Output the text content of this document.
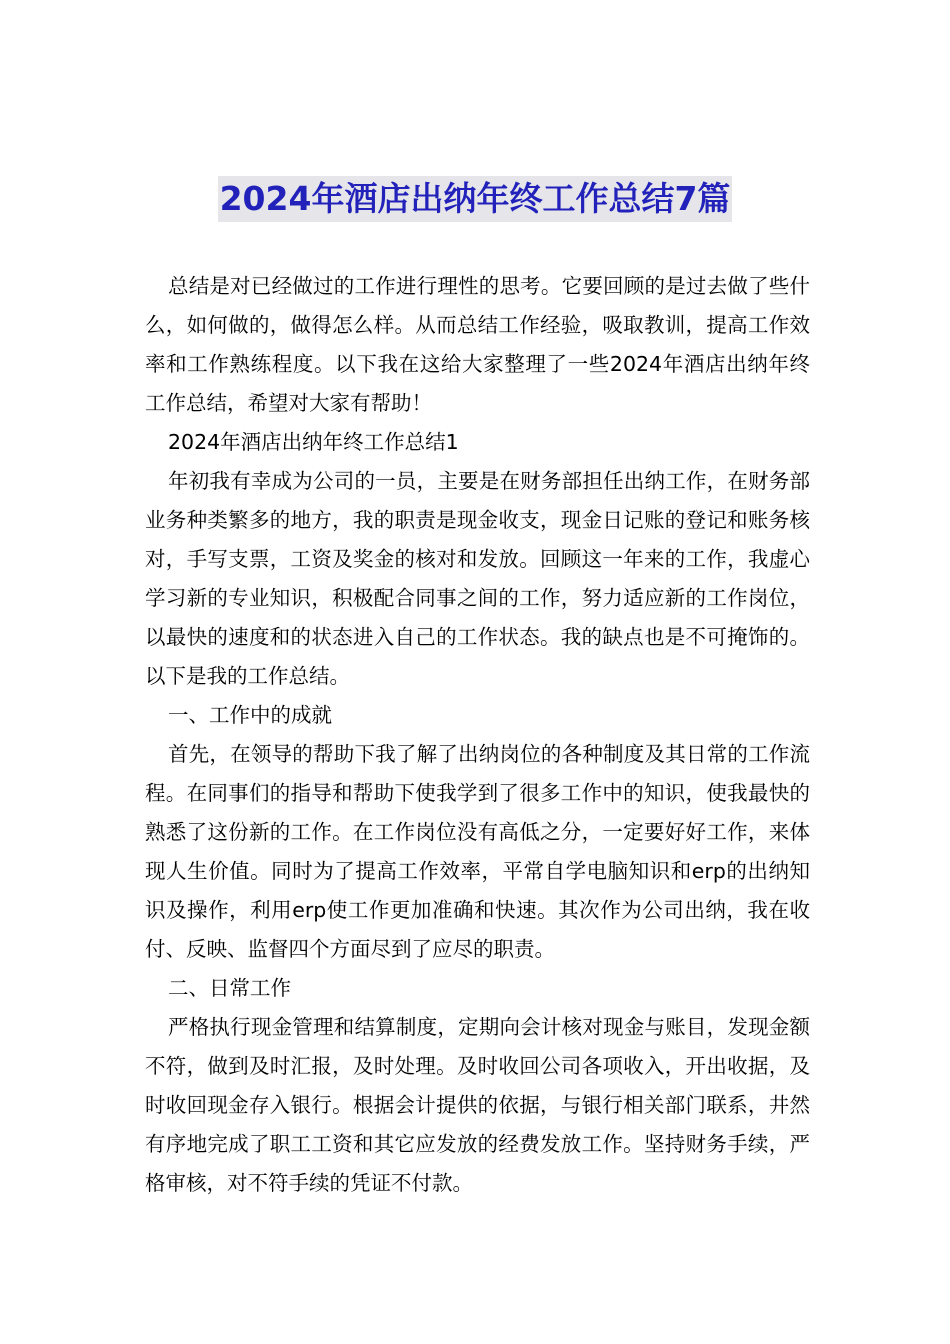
2024年酒店出纳年终工作总结7篇

总结是对已经做过的工作进行理性的思考。它要回顾的是过去做了些什么，如何做的，做得怎么样。从而总结工作经验，吸取教训，提高工作效率和工作熟练程度。以下我在这给大家整理了一些2024年酒店出纳年终工作总结，希望对大家有帮助！

2024年酒店出纳年终工作总结1

年初我有幸成为公司的一员，主要是在财务部担任出纳工作，在财务部业务种类繁多的地方，我的职责是现金收支，现金日记账的登记和账务核对，手写支票，工资及奖金的核对和发放。回顾这一年来的工作，我虚心学习新的专业知识，积极配合同事之间的工作，努力适应新的工作岗位，以最快的速度和的状态进入自己的工作状态。我的缺点也是不可掩饰的。以下是我的工作总结。

一、工作中的成就

首先，在领导的帮助下我了解了出纳岗位的各种制度及其日常的工作流程。在同事们的指导和帮助下使我学到了很多工作中的知识，使我最快的熟悉了这份新的工作。在工作岗位没有高低之分，一定要好好工作，来体现人生价值。同时为了提高工作效率，平常自学电脑知识和erp的出纳知识及操作，利用erp使工作更加准确和快速。其次作为公司出纳，我在收付、反映、监督四个方面尽到了应尽的职责。

二、日常工作

严格执行现金管理和结算制度，定期向会计核对现金与账目，发现金额不符，做到及时汇报，及时处理。及时收回公司各项收入，开出收据，及时收回现金存入银行。根据会计提供的依据，与银行相关部门联系，井然有序地完成了职工工资和其它应发放的经费发放工作。坚持财务手续，严格审核，对不符手续的凭证不付款。
